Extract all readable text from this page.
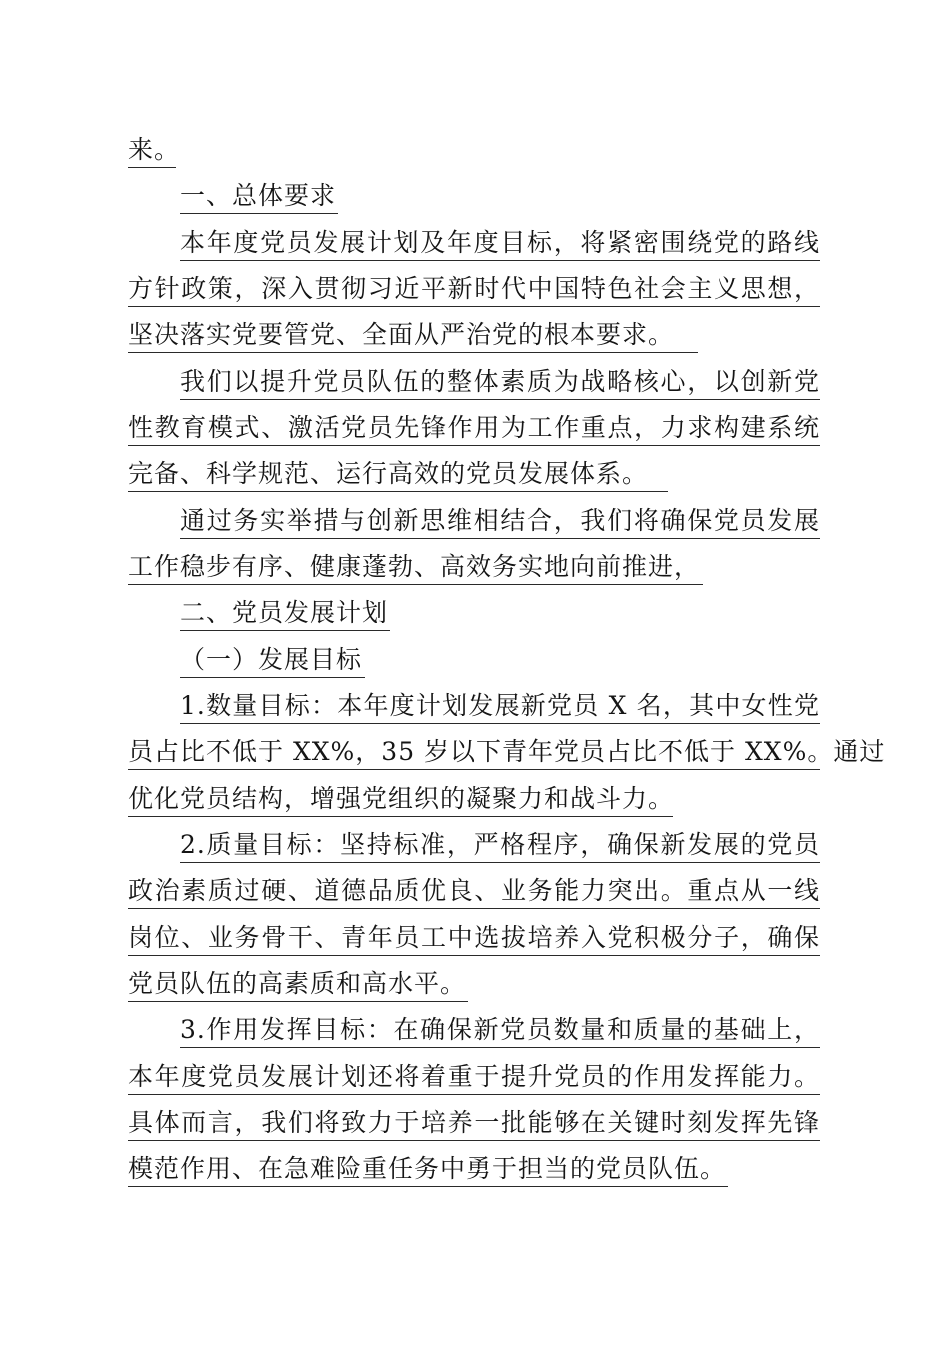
来。
一、总体要求
本年度党员发展计划及年度目标，将紧密围绕党的路线
方针政策，深入贯彻习近平新时代中国特色社会主义思想，
坚决落实党要管党、全面从严治党的根本要求。
我们以提升党员队伍的整体素质为战略核心，以创新党
性教育模式、激活党员先锋作用为工作重点，力求构建系统
完备、科学规范、运行高效的党员发展体系。
通过务实举措与创新思维相结合，我们将确保党员发展
工作稳步有序、健康蓬勃、高效务实地向前推进，
二、党员发展计划
（一）发展目标
1.数量目标：本年度计划发展新党员 X 名，其中女性党
员占比不低于 XX%，35 岁以下青年党员占比不低于 XX%。通过
优化党员结构，增强党组织的凝聚力和战斗力。
2.质量目标：坚持标准，严格程序，确保新发展的党员
政治素质过硬、道德品质优良、业务能力突出。重点从一线
岗位、业务骨干、青年员工中选拔培养入党积极分子，确保
党员队伍的高素质和高水平。
3.作用发挥目标：在确保新党员数量和质量的基础上，
本年度党员发展计划还将着重于提升党员的作用发挥能力。
具体而言，我们将致力于培养一批能够在关键时刻发挥先锋
模范作用、在急难险重任务中勇于担当的党员队伍。
